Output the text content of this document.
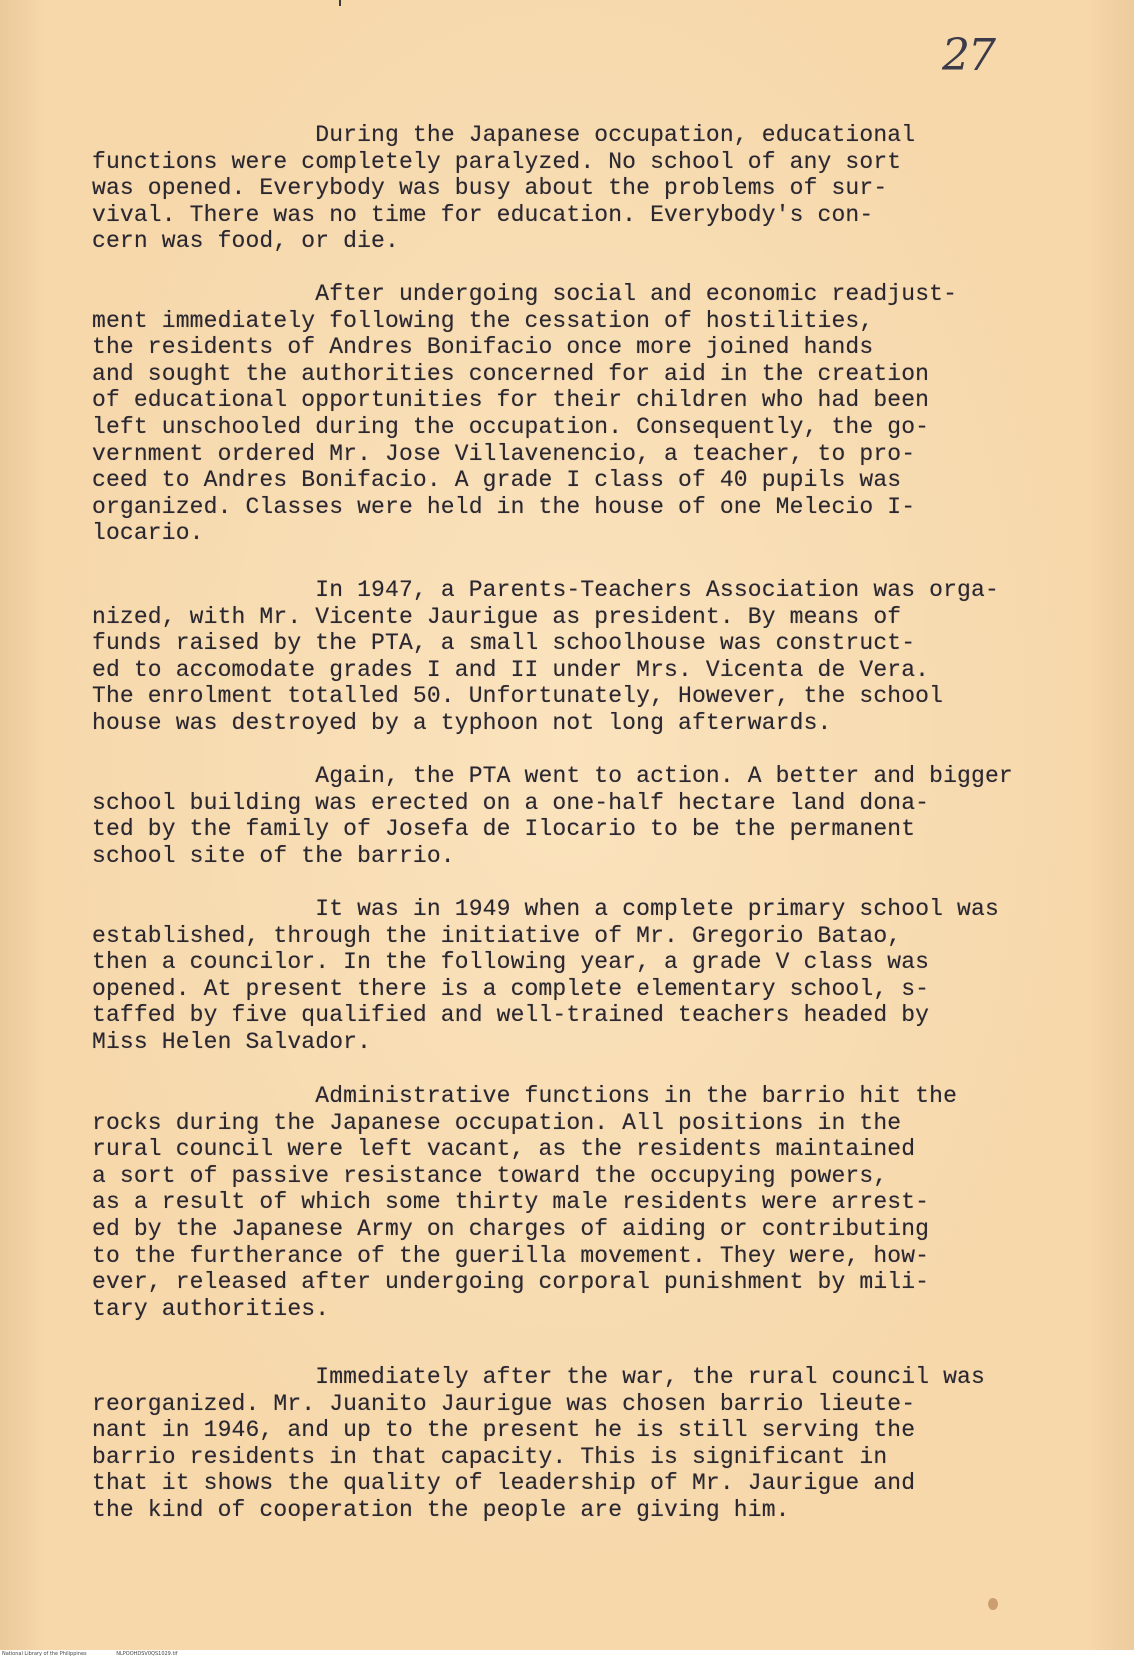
27

During the Japanese occupation, educational
functions were completely paralyzed. No school of any sort
was opened. Everybody was busy about the problems of sur-
vival. There was no time for education. Everybody's con-
cern was food, or die.

After undergoing social and economic readjust-
ment immediately following the cessation of hostilities,
the residents of Andres Bonifacio once more joined hands
and sought the authorities concerned for aid in the creation
of educational opportunities for their children who had been
left unschooled during the occupation. Consequently, the go-
vernment ordered Mr. Jose Villavenencio, a teacher, to pro-
ceed to Andres Bonifacio. A grade I class of 40 pupils was
organized. Classes were held in the house of one Melecio I-
locario.

In 1947, a Parents-Teachers Association was orga-
nized, with Mr. Vicente Jaurigue as president. By means of
funds raised by the PTA, a small schoolhouse was construct-
ed to accomodate grades I and II under Mrs. Vicenta de Vera.
The enrolment totalled 50. Unfortunately, However, the school
house was destroyed by a typhoon not long afterwards.

Again, the PTA went to action. A better and bigger
school building was erected on a one-half hectare land dona-
ted by the family of Josefa de Ilocario to be the permanent
school site of the barrio.

It was in 1949 when a complete primary school was
established, through the initiative of Mr. Gregorio Batao,
then a councilor. In the following year, a grade V class was
opened. At present there is a complete elementary school, s-
taffed by five qualified and well-trained teachers headed by
Miss Helen Salvador.

Administrative functions in the barrio hit the
rocks during the Japanese occupation. All positions in the
rural council were left vacant, as the residents maintained
a sort of passive resistance toward the occupying powers,
as a result of which some thirty male residents were arrest-
ed by the Japanese Army on charges of aiding or contributing
to the furtherance of the guerilla movement. They were, how-
ever, released after undergoing corporal punishment by mili-
tary authorities.

Immediately after the war, the rural council was
reorganized. Mr. Juanito Jaurigue was chosen barrio lieute-
nant in 1946, and up to the present he is still serving the
barrio residents in that capacity. This is significant in
that it shows the quality of leadership of Mr. Jaurigue and
the kind of cooperation the people are giving him.

National Library of the Philippines	NLPOOHDSV0QS1029.tif
